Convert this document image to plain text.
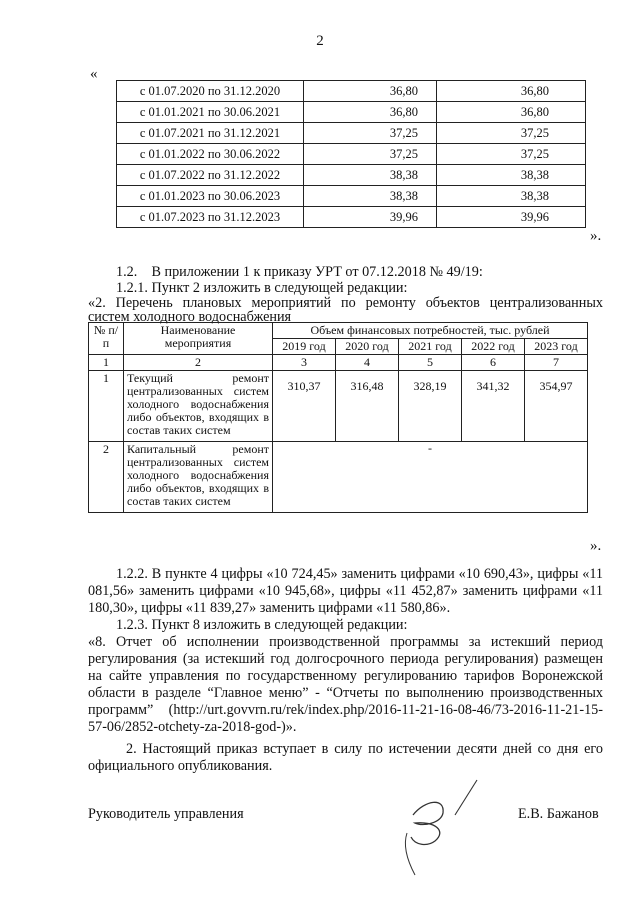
2
«
с 01.07.2020 по 31.12.2020	36,80	36,80
с 01.01.2021 по 30.06.2021	36,80	36,80
с 01.07.2021 по 31.12.2021	37,25	37,25
с 01.01.2022 по 30.06.2022	37,25	37,25
с 01.07.2022 по 31.12.2022	38,38	38,38
с 01.01.2023 по 30.06.2023	38,38	38,38
с 01.07.2023 по 31.12.2023	39,96	39,96
».
1.2.    В приложении 1 к приказу УРТ от 07.12.2018 № 49/19:
1.2.1. Пункт 2 изложить в следующей редакции:
«2. Перечень плановых мероприятий по ремонту объектов централизованных систем холодного водоснабжения
№ п/п	Наименование мероприятия	Объем финансовых потребностей, тыс. рублей				
		2019 год	2020 год	2021 год	2022 год	2023 год
1	2	3	4	5	6	7
1	Текущий ремонт централизованных систем холодного водоснабжения либо объектов, входящих в состав таких систем	310,37	316,48	328,19	341,32	354,97
2	Капитальный ремонт централизованных систем холодного водоснабжения либо объектов, входящих в состав таких систем	-				
».
1.2.2. В пункте 4 цифры «10 724,45» заменить цифрами «10 690,43», цифры «11 081,56» заменить цифрами «10 945,68», цифры «11 452,87» заменить цифрами «11 180,30», цифры «11 839,27» заменить цифрами «11 580,86».
1.2.3. Пункт 8 изложить в следующей редакции:
«8. Отчет об исполнении производственной программы за истекший период регулирования (за истекший год долгосрочного периода регулирования) размещен на сайте управления по государственному регулированию тарифов Воронежской области в разделе “Главное меню” - “Отчеты по выполнению производственных программ” (http://urt.govvrn.ru/rek/index.php/2016-11-21-16-08-46/73-2016-11-21-15-57-06/2852-otchety-za-2018-god-)».
2. Настоящий приказ вступает в силу по истечении десяти дней со дня его официального опубликования.
Руководитель управления	Е.В. Бажанов
